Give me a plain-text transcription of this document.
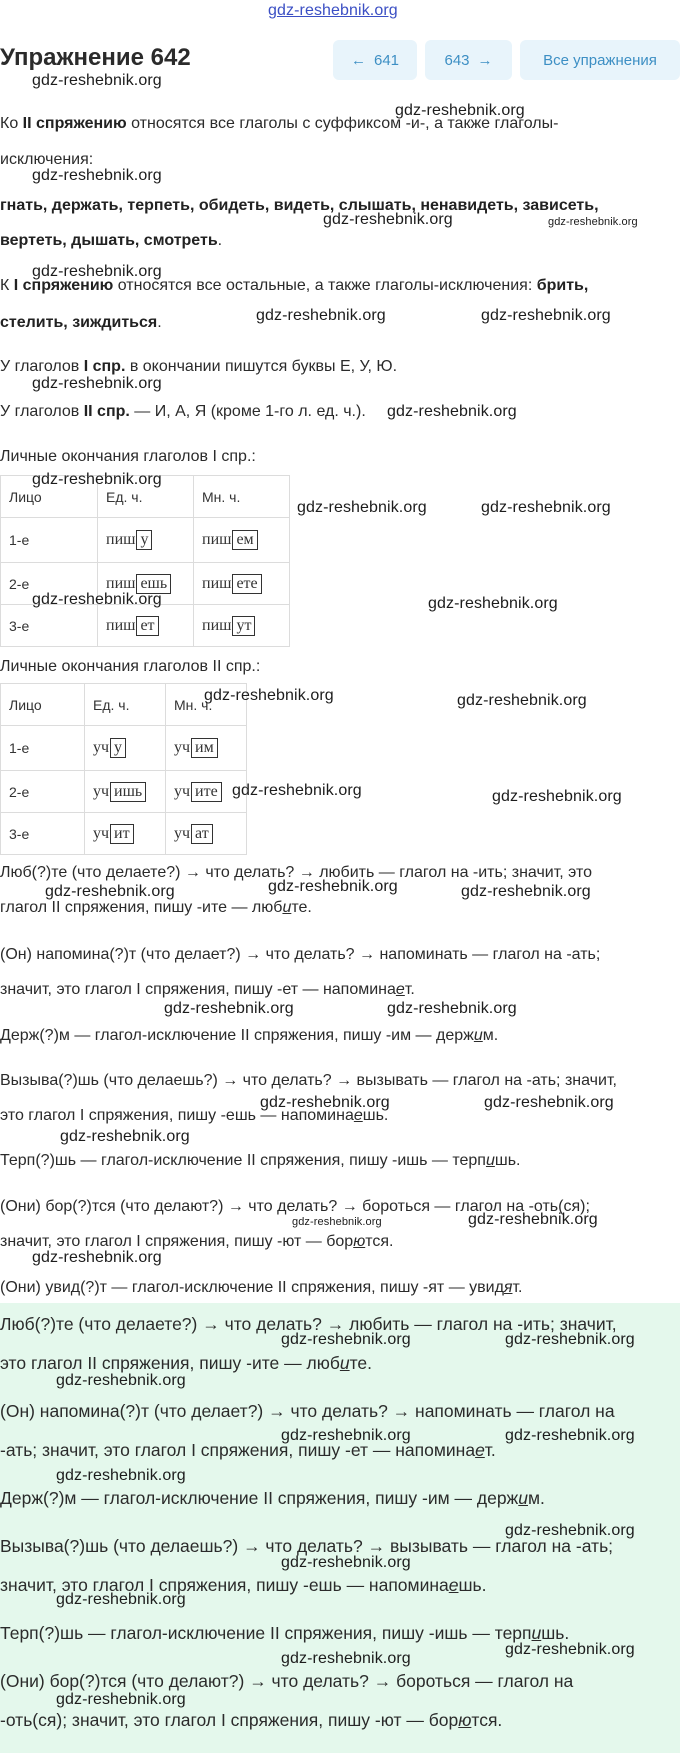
gdz-reshebnik.org
Упражнение 642	← 641	643 →	Все упражнения
Ко II спряжению относятся все глаголы с суффиксом -и-, а также глаголы-
исключения:
гнать, держать, терпеть, обидеть, видеть, слышать, ненавидеть, зависеть,
вертеть, дышать, смотреть.
К I спряжению относятся все остальные, а также глаголы-исключения: брить,
стелить, зиждиться.
У глаголов I спр. в окончании пишутся буквы Е, У, Ю.
У глаголов II спр. — И, А, Я (кроме 1-го л. ед. ч.).
Личные окончания глаголов I спр.:
Лицо	Ед. ч.	Мн. ч.
1-е	пиш у	пиш ем
2-е	пиш ешь	пиш ете
3-е	пиш ет	пиш ут
Личные окончания глаголов II спр.:
Лицо	Ед. ч.	Мн. ч.
1-е	уч у	уч им
2-е	уч ишь	уч ите
3-е	уч ит	уч ат
Люб(?)те (что делаете?) → что делать? → любить — глагол на -ить; значит, это
глагол II спряжения, пишу -ите — любите.
(Он) напомина(?)т (что делает?) → что делать? → напоминать — глагол на -ать;
значит, это глагол I спряжения, пишу -ет — напоминает.
Держ(?)м — глагол-исключение II спряжения, пишу -им — держим.
Вызыва(?)шь (что делаешь?) → что делать? → вызывать — глагол на -ать; значит,
это глагол I спряжения, пишу -ешь — напоминаешь.
Терп(?)шь — глагол-исключение II спряжения, пишу -ишь — терпишь.
(Они) бор(?)тся (что делают?) → что делать? → бороться — глагол на -оть(ся);
значит, это глагол I спряжения, пишу -ют — борются.
(Они) увид(?)т — глагол-исключение II спряжения, пишу -ят — увидят.
Люб(?)те (что делаете?) → что делать? → любить — глагол на -ить; значит,
это глагол II спряжения, пишу -ите — любите.
(Он) напомина(?)т (что делает?) → что делать? → напоминать — глагол на
-ать; значит, это глагол I спряжения, пишу -ет — напоминает.
Держ(?)м — глагол-исключение II спряжения, пишу -им — держим.
Вызыва(?)шь (что делаешь?) → что делать? → вызывать — глагол на -ать;
значит, это глагол I спряжения, пишу -ешь — напоминаешь.
Терп(?)шь — глагол-исключение II спряжения, пишу -ишь — терпишь.
(Они) бор(?)тся (что делают?) → что делать? → бороться — глагол на
-оть(ся); значит, это глагол I спряжения, пишу -ют — борются.
gdz-reshebnik.org
gdz-reshebnik.org
gdz-reshebnik.org
gdz-reshebnik.org	gdz-reshebnik.org
gdz-reshebnik.org
gdz-reshebnik.org	gdz-reshebnik.org
gdz-reshebnik.org
gdz-reshebnik.org
gdz-reshebnik.org
gdz-reshebnik.org	gdz-reshebnik.org
gdz-reshebnik.org	gdz-reshebnik.org
gdz-reshebnik.org	gdz-reshebnik.org
gdz-reshebnik.org	gdz-reshebnik.org
gdz-reshebnik.org	gdz-reshebnik.org	gdz-reshebnik.org
gdz-reshebnik.org	gdz-reshebnik.org
gdz-reshebnik.org	gdz-reshebnik.org
gdz-reshebnik.org
gdz-reshebnik.org	gdz-reshebnik.org
gdz-reshebnik.org
gdz-reshebnik.org	gdz-reshebnik.org
gdz-reshebnik.org
gdz-reshebnik.org	gdz-reshebnik.org
gdz-reshebnik.org
gdz-reshebnik.org
gdz-reshebnik.org
gdz-reshebnik.org
gdz-reshebnik.org
gdz-reshebnik.org
gdz-reshebnik.org
